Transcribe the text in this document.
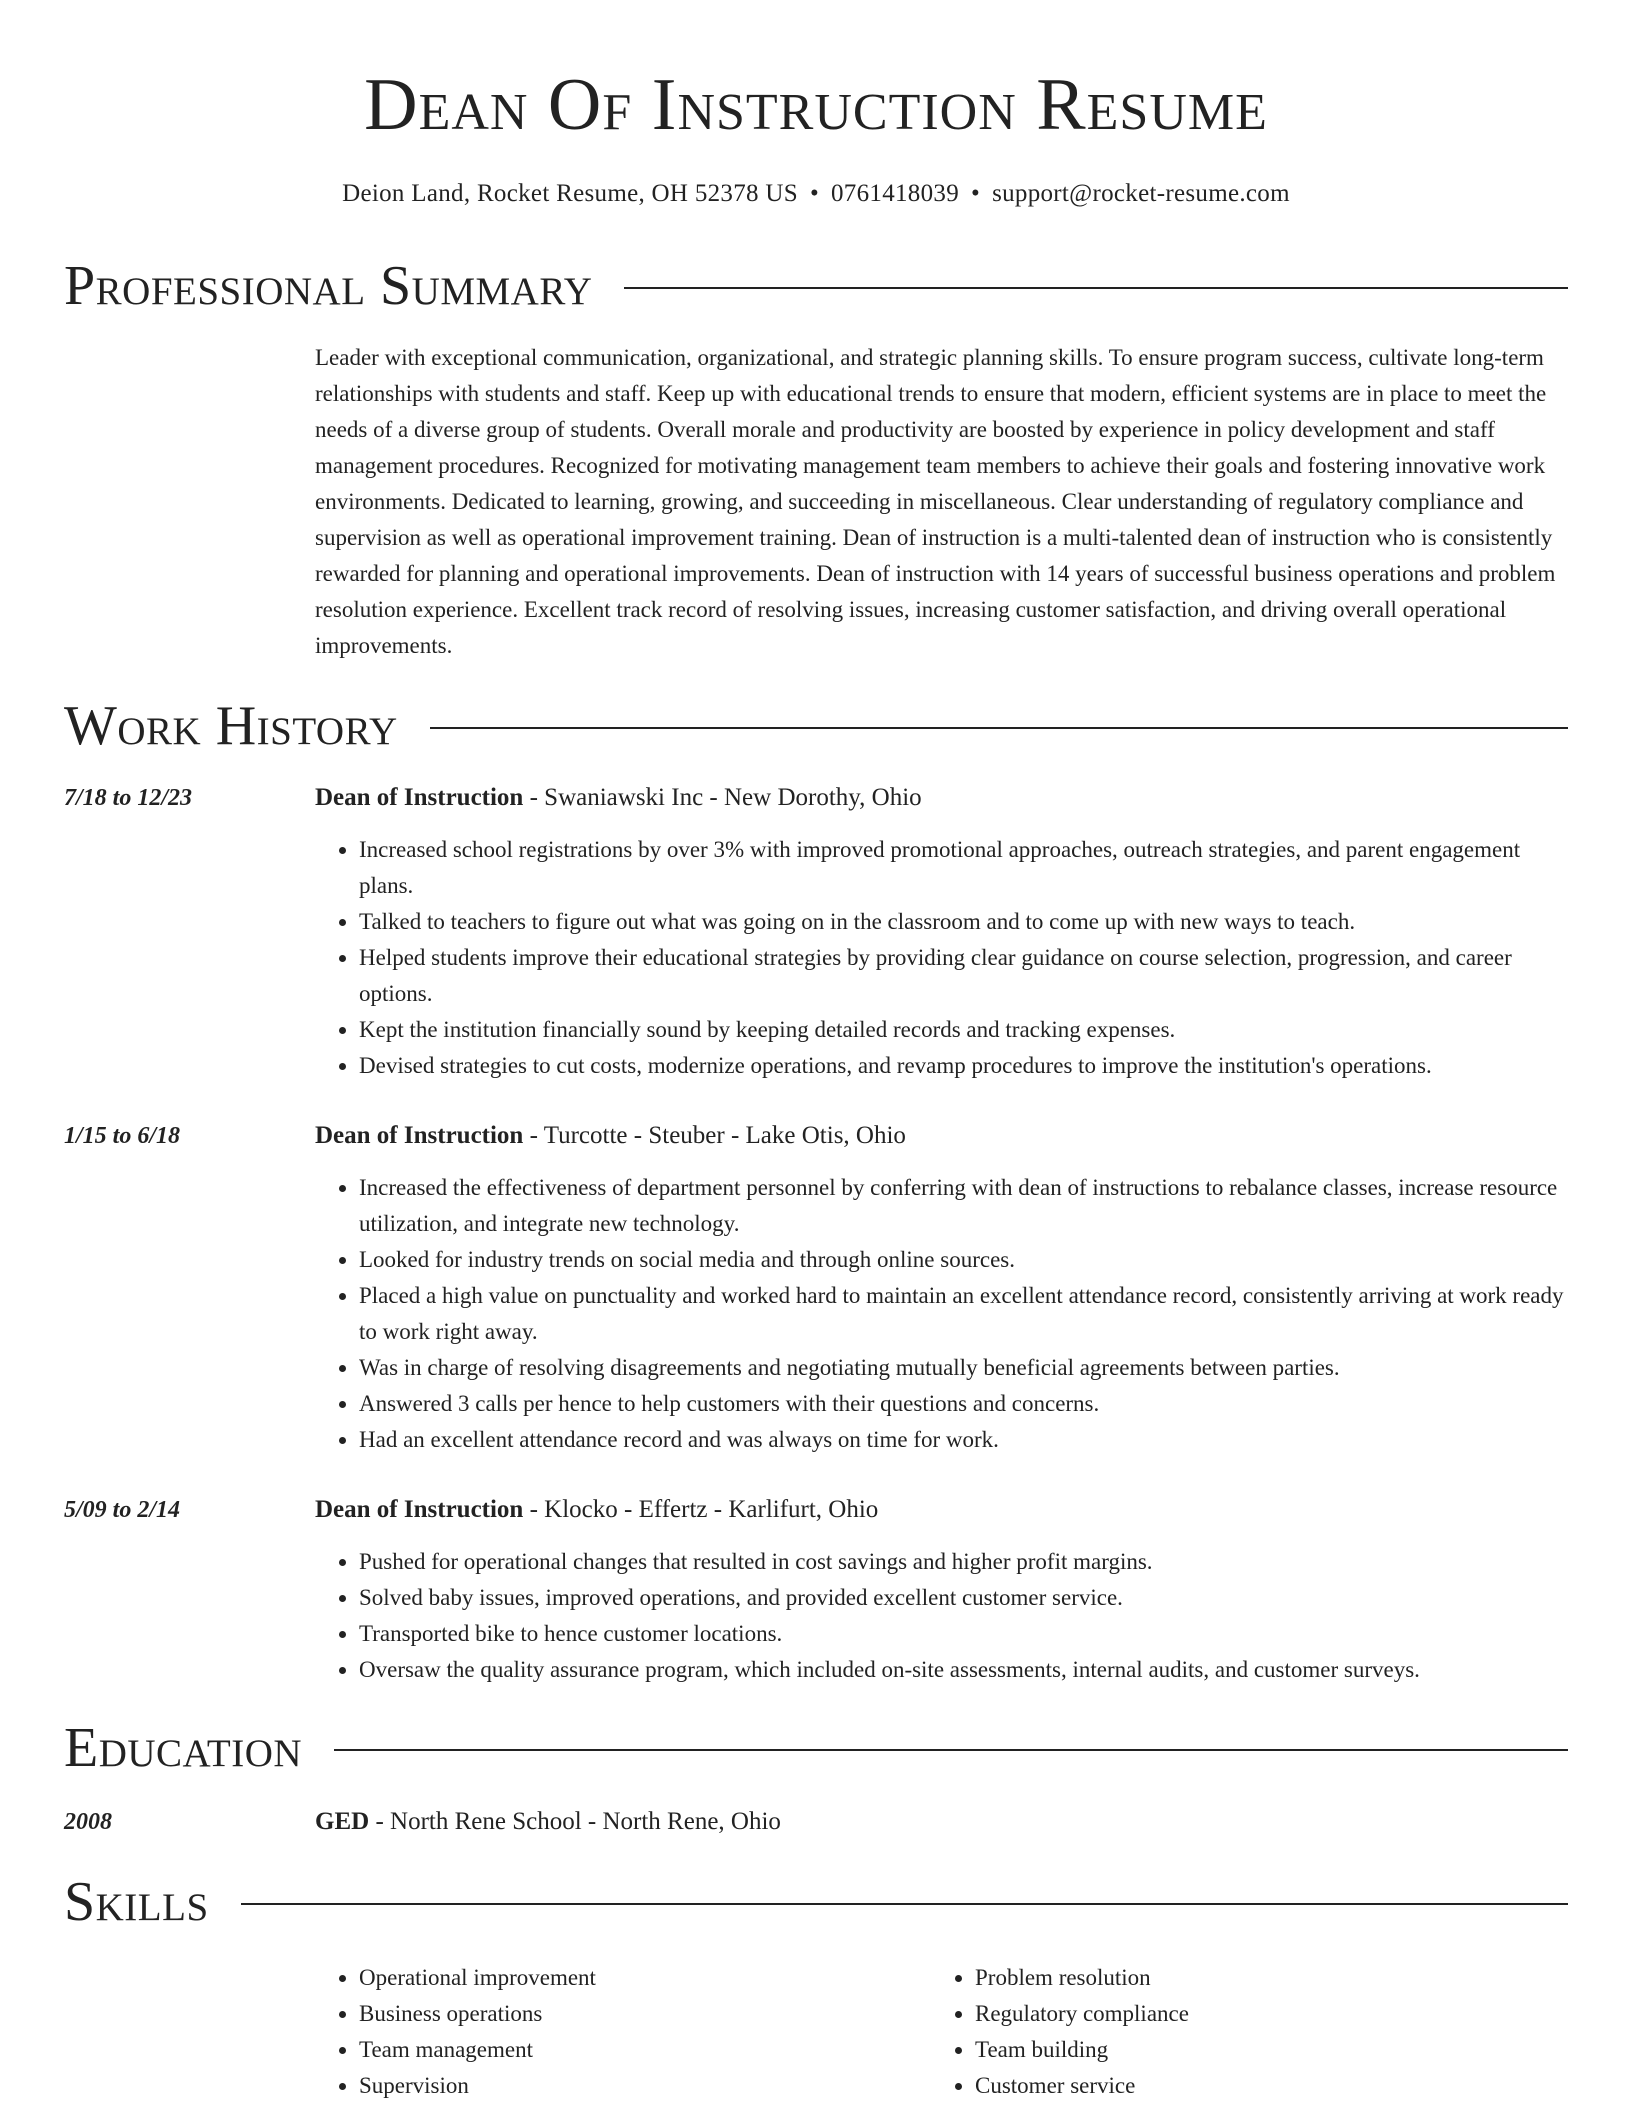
Dean Of Instruction Resume
Deion Land, Rocket Resume, OH 52378 US • 0761418039 • support@rocket-resume.com
Professional Summary
Leader with exceptional communication, organizational, and strategic planning skills. To ensure program success, cultivate long-term relationships with students and staff. Keep up with educational trends to ensure that modern, efficient systems are in place to meet the needs of a diverse group of students. Overall morale and productivity are boosted by experience in policy development and staff management procedures. Recognized for motivating management team members to achieve their goals and fostering innovative work environments. Dedicated to learning, growing, and succeeding in miscellaneous. Clear understanding of regulatory compliance and supervision as well as operational improvement training. Dean of instruction is a multi-talented dean of instruction who is consistently rewarded for planning and operational improvements. Dean of instruction with 14 years of successful business operations and problem resolution experience. Excellent track record of resolving issues, increasing customer satisfaction, and driving overall operational improvements.
Work History
7/18 to 12/23	Dean of Instruction - Swaniawski Inc - New Dorothy, Ohio
• Increased school registrations by over 3% with improved promotional approaches, outreach strategies, and parent engagement plans.
• Talked to teachers to figure out what was going on in the classroom and to come up with new ways to teach.
• Helped students improve their educational strategies by providing clear guidance on course selection, progression, and career options.
• Kept the institution financially sound by keeping detailed records and tracking expenses.
• Devised strategies to cut costs, modernize operations, and revamp procedures to improve the institution's operations.
1/15 to 6/18	Dean of Instruction - Turcotte - Steuber - Lake Otis, Ohio
• Increased the effectiveness of department personnel by conferring with dean of instructions to rebalance classes, increase resource utilization, and integrate new technology.
• Looked for industry trends on social media and through online sources.
• Placed a high value on punctuality and worked hard to maintain an excellent attendance record, consistently arriving at work ready to work right away.
• Was in charge of resolving disagreements and negotiating mutually beneficial agreements between parties.
• Answered 3 calls per hence to help customers with their questions and concerns.
• Had an excellent attendance record and was always on time for work.
5/09 to 2/14	Dean of Instruction - Klocko - Effertz - Karlifurt, Ohio
• Pushed for operational changes that resulted in cost savings and higher profit margins.
• Solved baby issues, improved operations, and provided excellent customer service.
• Transported bike to hence customer locations.
• Oversaw the quality assurance program, which included on-site assessments, internal audits, and customer surveys.
Education
2008	GED - North Rene School - North Rene, Ohio
Skills
• Operational improvement
• Business operations
• Team management
• Supervision
• Problem resolution
• Regulatory compliance
• Team building
• Customer service
